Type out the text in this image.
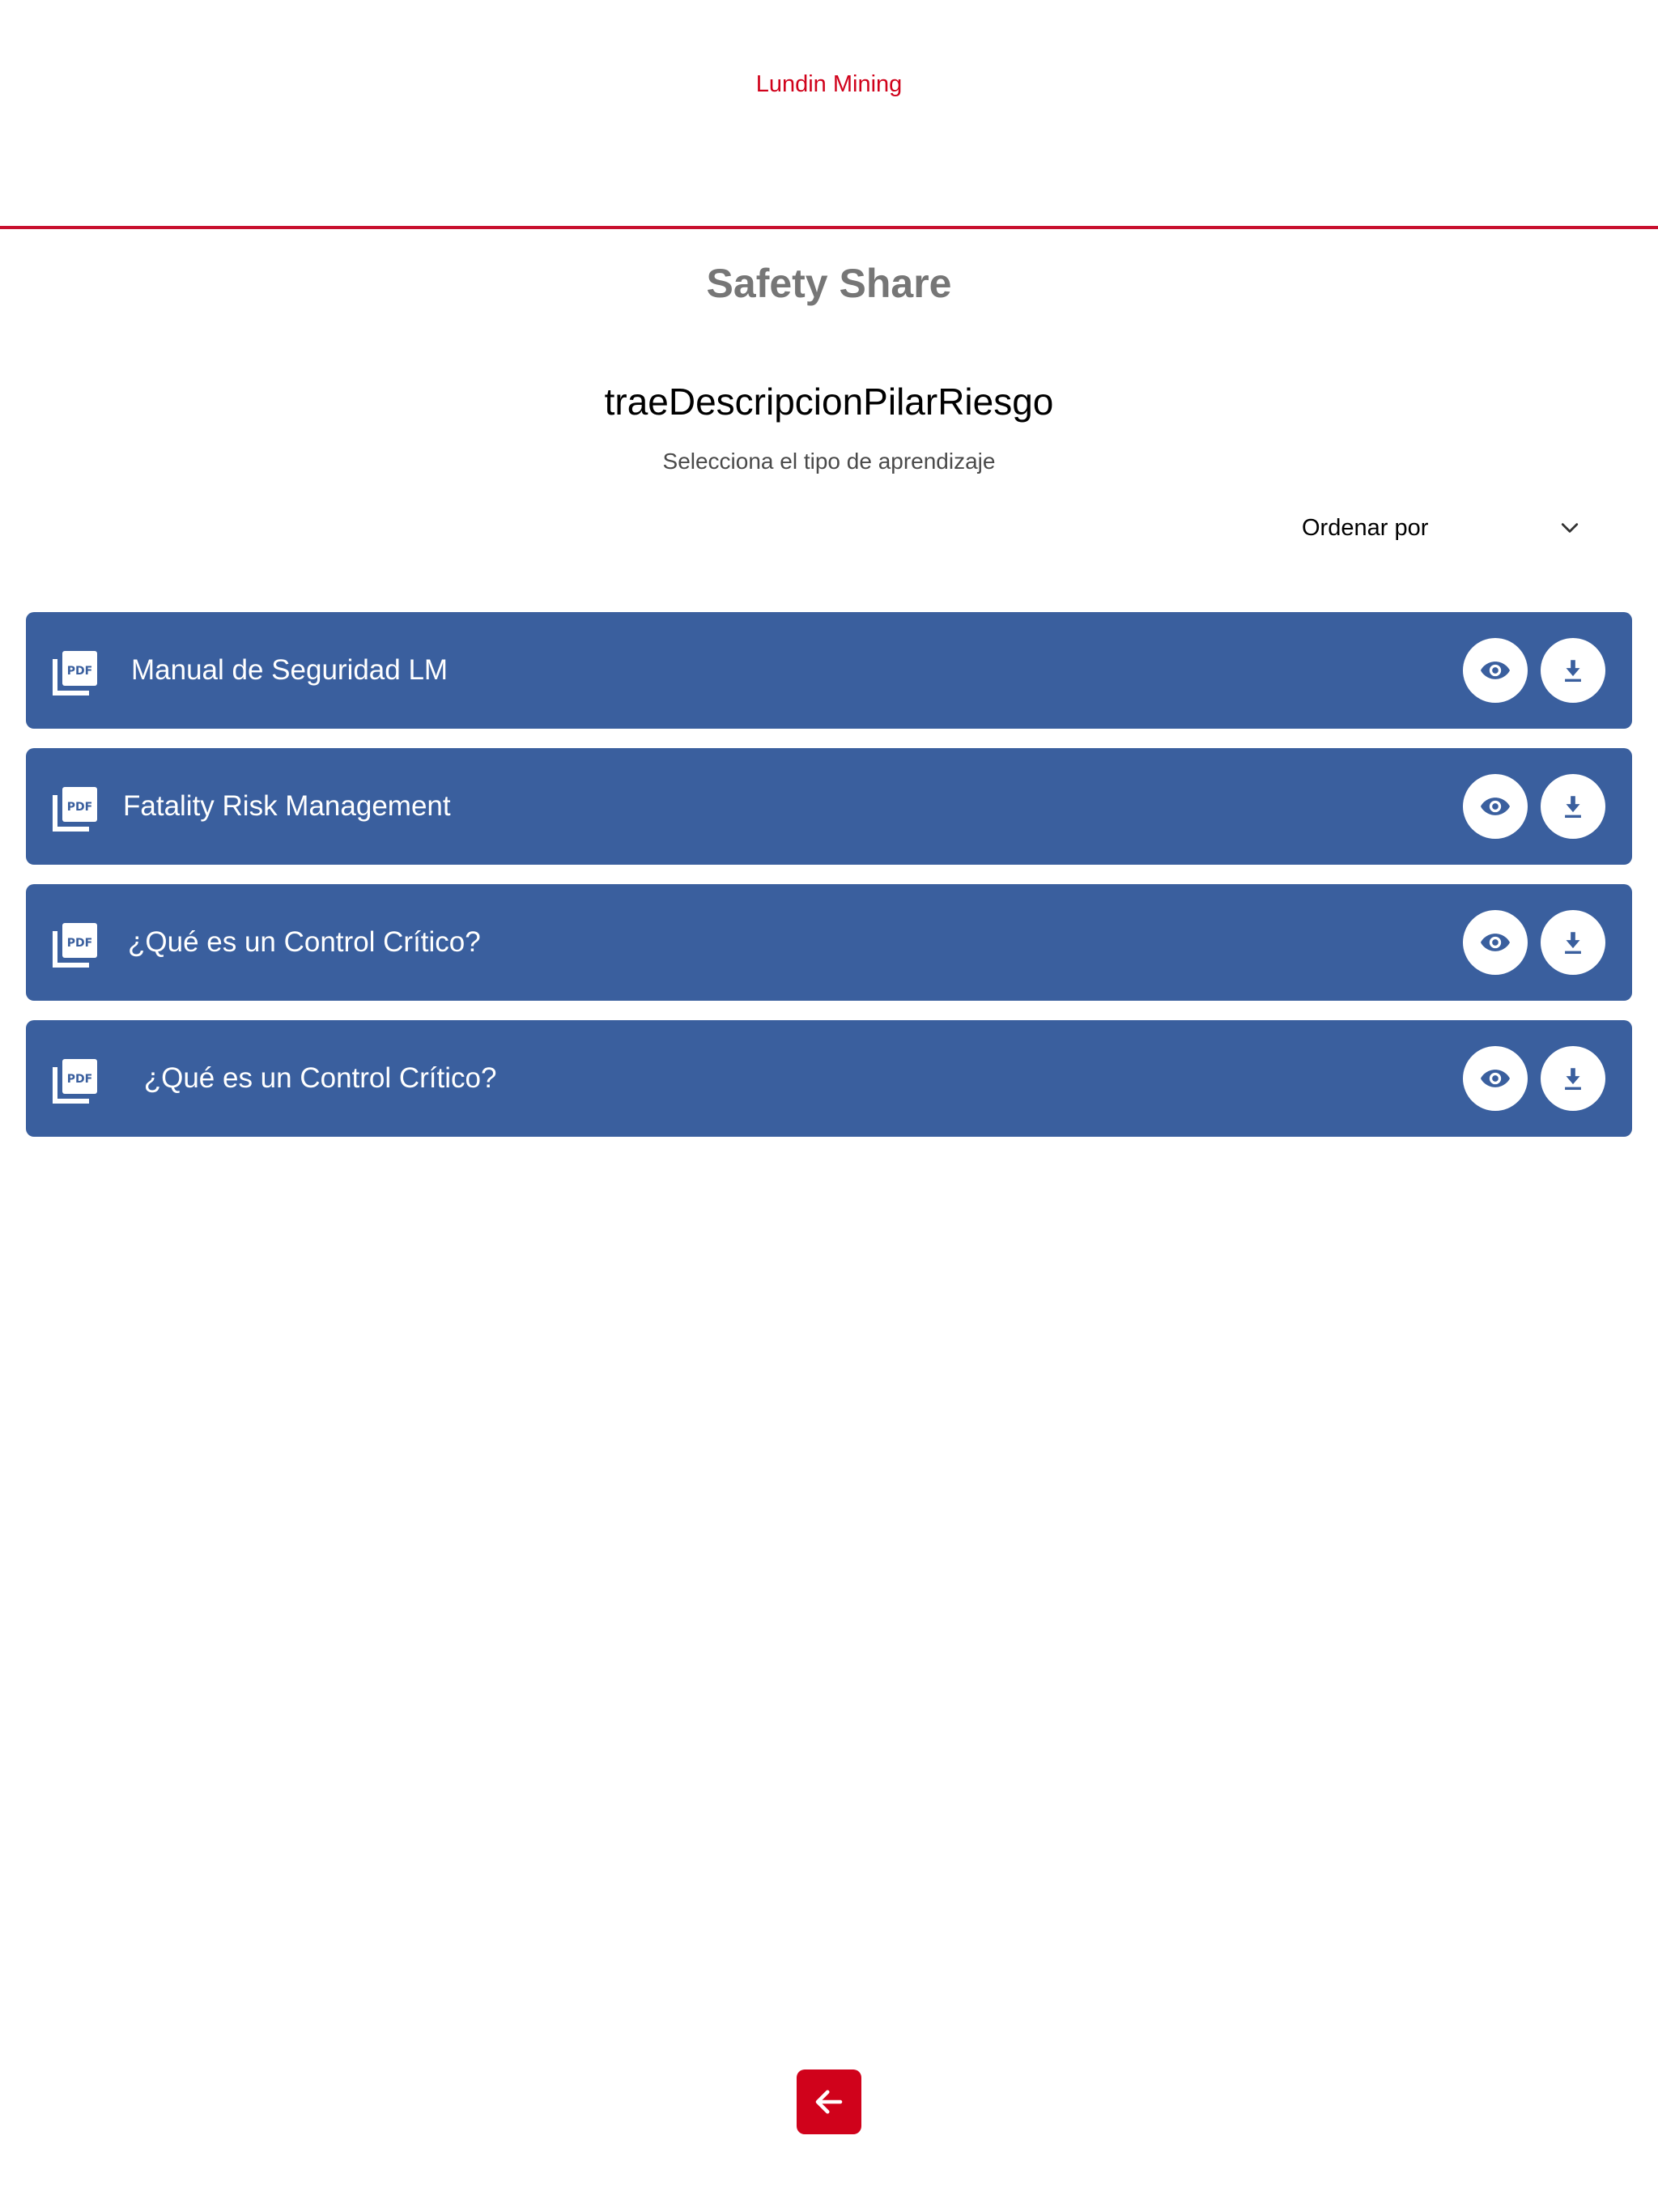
Lundin Mining
Safety Share
traeDescripcionPilarRiesgo
Selecciona el tipo de aprendizaje
Ordenar por
PDF Manual de Seguridad LM
PDF Fatality Risk Management
PDF ¿Qué es un Control Crítico?
PDF ¿Qué es un Control Crítico?
